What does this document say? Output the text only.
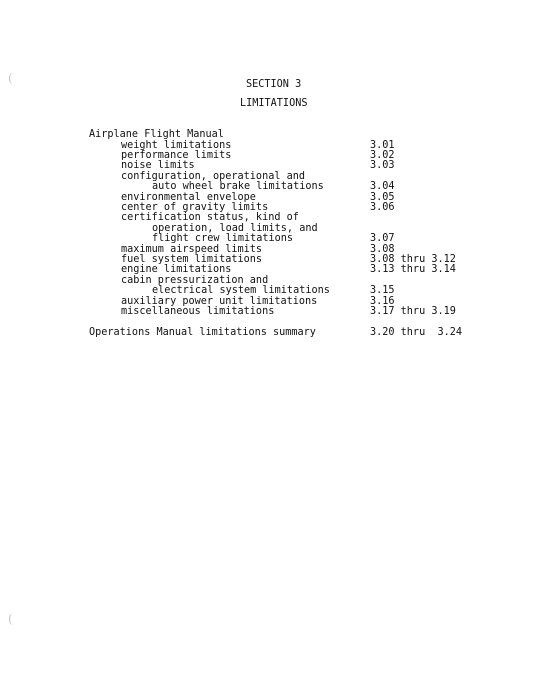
SECTION 3
LIMITATIONS
Airplane Flight Manual
weight limitations	3.01
performance limits	3.02
noise limits	3.03
configuration, operational and
auto wheel brake limitations	3.04
environmental envelope	3.05
center of gravity limits	3.06
certification status, kind of
operation, load limits, and
flight crew limitations	3.07
maximum airspeed limits	3.08
fuel system limitations	3.08 thru 3.12
engine limitations	3.13 thru 3.14
cabin pressurization and
electrical system limitations	3.15
auxiliary power unit limitations	3.16
miscellaneous limitations	3.17 thru 3.19
Operations Manual limitations summary	3.20 thru  3.24
(
(
